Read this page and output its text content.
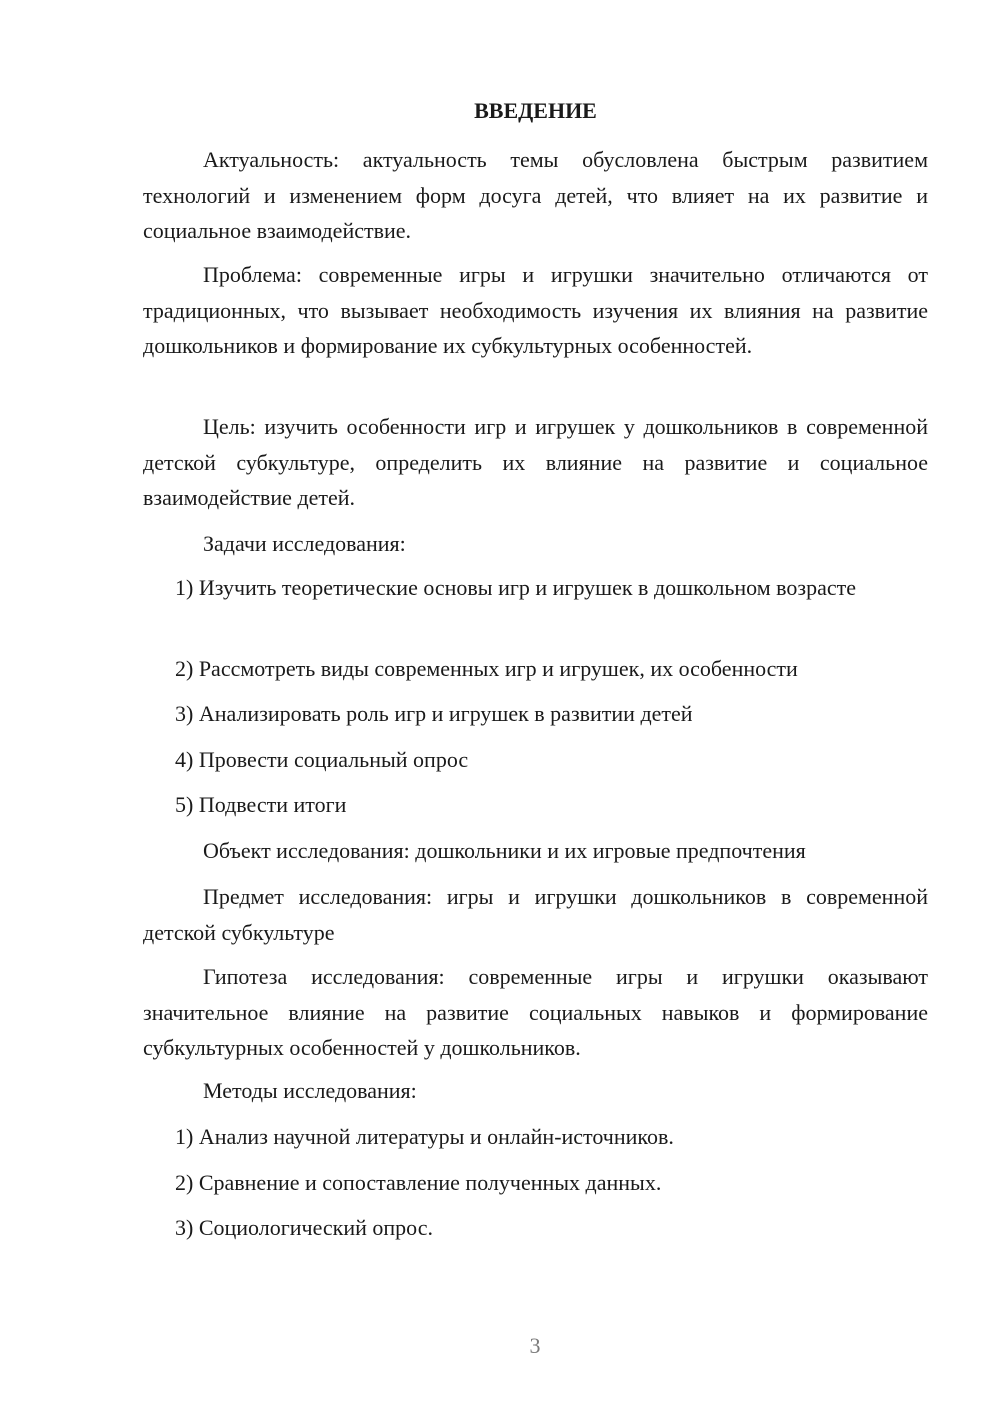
ВВЕДЕНИЕ
Актуальность: актуальность темы обусловлена быстрым развитием технологий и изменением форм досуга детей, что влияет на их развитие и социальное взаимодействие.
Проблема: современные игры и игрушки значительно отличаются от традиционных, что вызывает необходимость изучения их влияния на развитие дошкольников и формирование их субкультурных особенностей.
Цель: изучить особенности игр и игрушек у дошкольников в современной детской субкультуре, определить их влияние на развитие и социальное взаимодействие детей.
Задачи исследования:
1) Изучить теоретические основы игр и игрушек в дошкольном возрасте
2) Рассмотреть виды современных игр и игрушек, их особенности
3) Анализировать роль игр и игрушек в развитии детей
4) Провести социальный опрос
5) Подвести итоги
Объект исследования: дошкольники и их игровые предпочтения
Предмет исследования: игры и игрушки дошкольников в современной детской субкультуре
Гипотеза исследования: современные игры и игрушки оказывают значительное влияние на развитие социальных навыков и формирование субкультурных особенностей у дошкольников.
Методы исследования:
1) Анализ научной литературы и онлайн-источников.
2) Сравнение и сопоставление полученных данных.
3) Социологический опрос.
3
